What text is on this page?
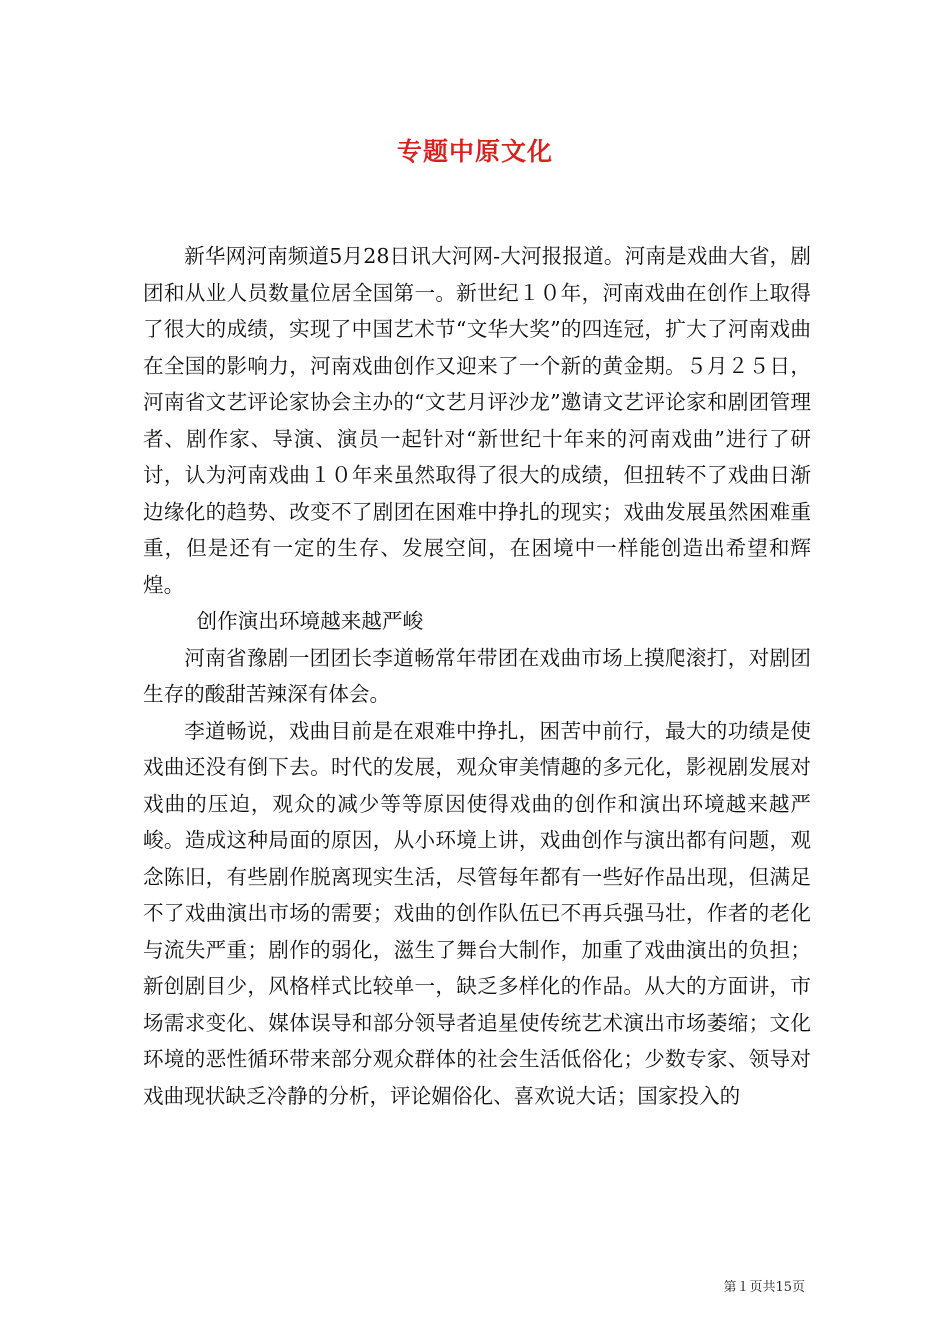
专题中原文化

新华网河南频道5月28日讯大河网-大河报报道。河南是戏曲大省，剧团和从业人员数量位居全国第一。新世纪１０年，河南戏曲在创作上取得了很大的成绩，实现了中国艺术节“文华大奖”的四连冠，扩大了河南戏曲在全国的影响力，河南戏曲创作又迎来了一个新的黄金期。５月２５日，河南省文艺评论家协会主办的“文艺月评沙龙”邀请文艺评论家和剧团管理者、剧作家、导演、演员一起针对“新世纪十年来的河南戏曲”进行了研讨，认为河南戏曲１０年来虽然取得了很大的成绩，但扭转不了戏曲日渐边缘化的趋势、改变不了剧团在困难中挣扎的现实；戏曲发展虽然困难重重，但是还有一定的生存、发展空间，在困境中一样能创造出希望和辉煌。

创作演出环境越来越严峻

河南省豫剧一团团长李道畅常年带团在戏曲市场上摸爬滚打，对剧团生存的酸甜苦辣深有体会。

李道畅说，戏曲目前是在艰难中挣扎，困苦中前行，最大的功绩是使戏曲还没有倒下去。时代的发展，观众审美情趣的多元化，影视剧发展对戏曲的压迫，观众的减少等等原因使得戏曲的创作和演出环境越来越严峻。造成这种局面的原因，从小环境上讲，戏曲创作与演出都有问题，观念陈旧，有些剧作脱离现实生活，尽管每年都有一些好作品出现，但满足不了戏曲演出市场的需要；戏曲的创作队伍已不再兵强马壮，作者的老化与流失严重；剧作的弱化，滋生了舞台大制作，加重了戏曲演出的负担；新创剧目少，风格样式比较单一，缺乏多样化的作品。从大的方面讲，市场需求变化、媒体误导和部分领导者追星使传统艺术演出市场萎缩；文化环境的恶性循环带来部分观众群体的社会生活低俗化；少数专家、领导对戏曲现状缺乏冷静的分析，评论媚俗化、喜欢说大话；国家投入的

第１页共15页
